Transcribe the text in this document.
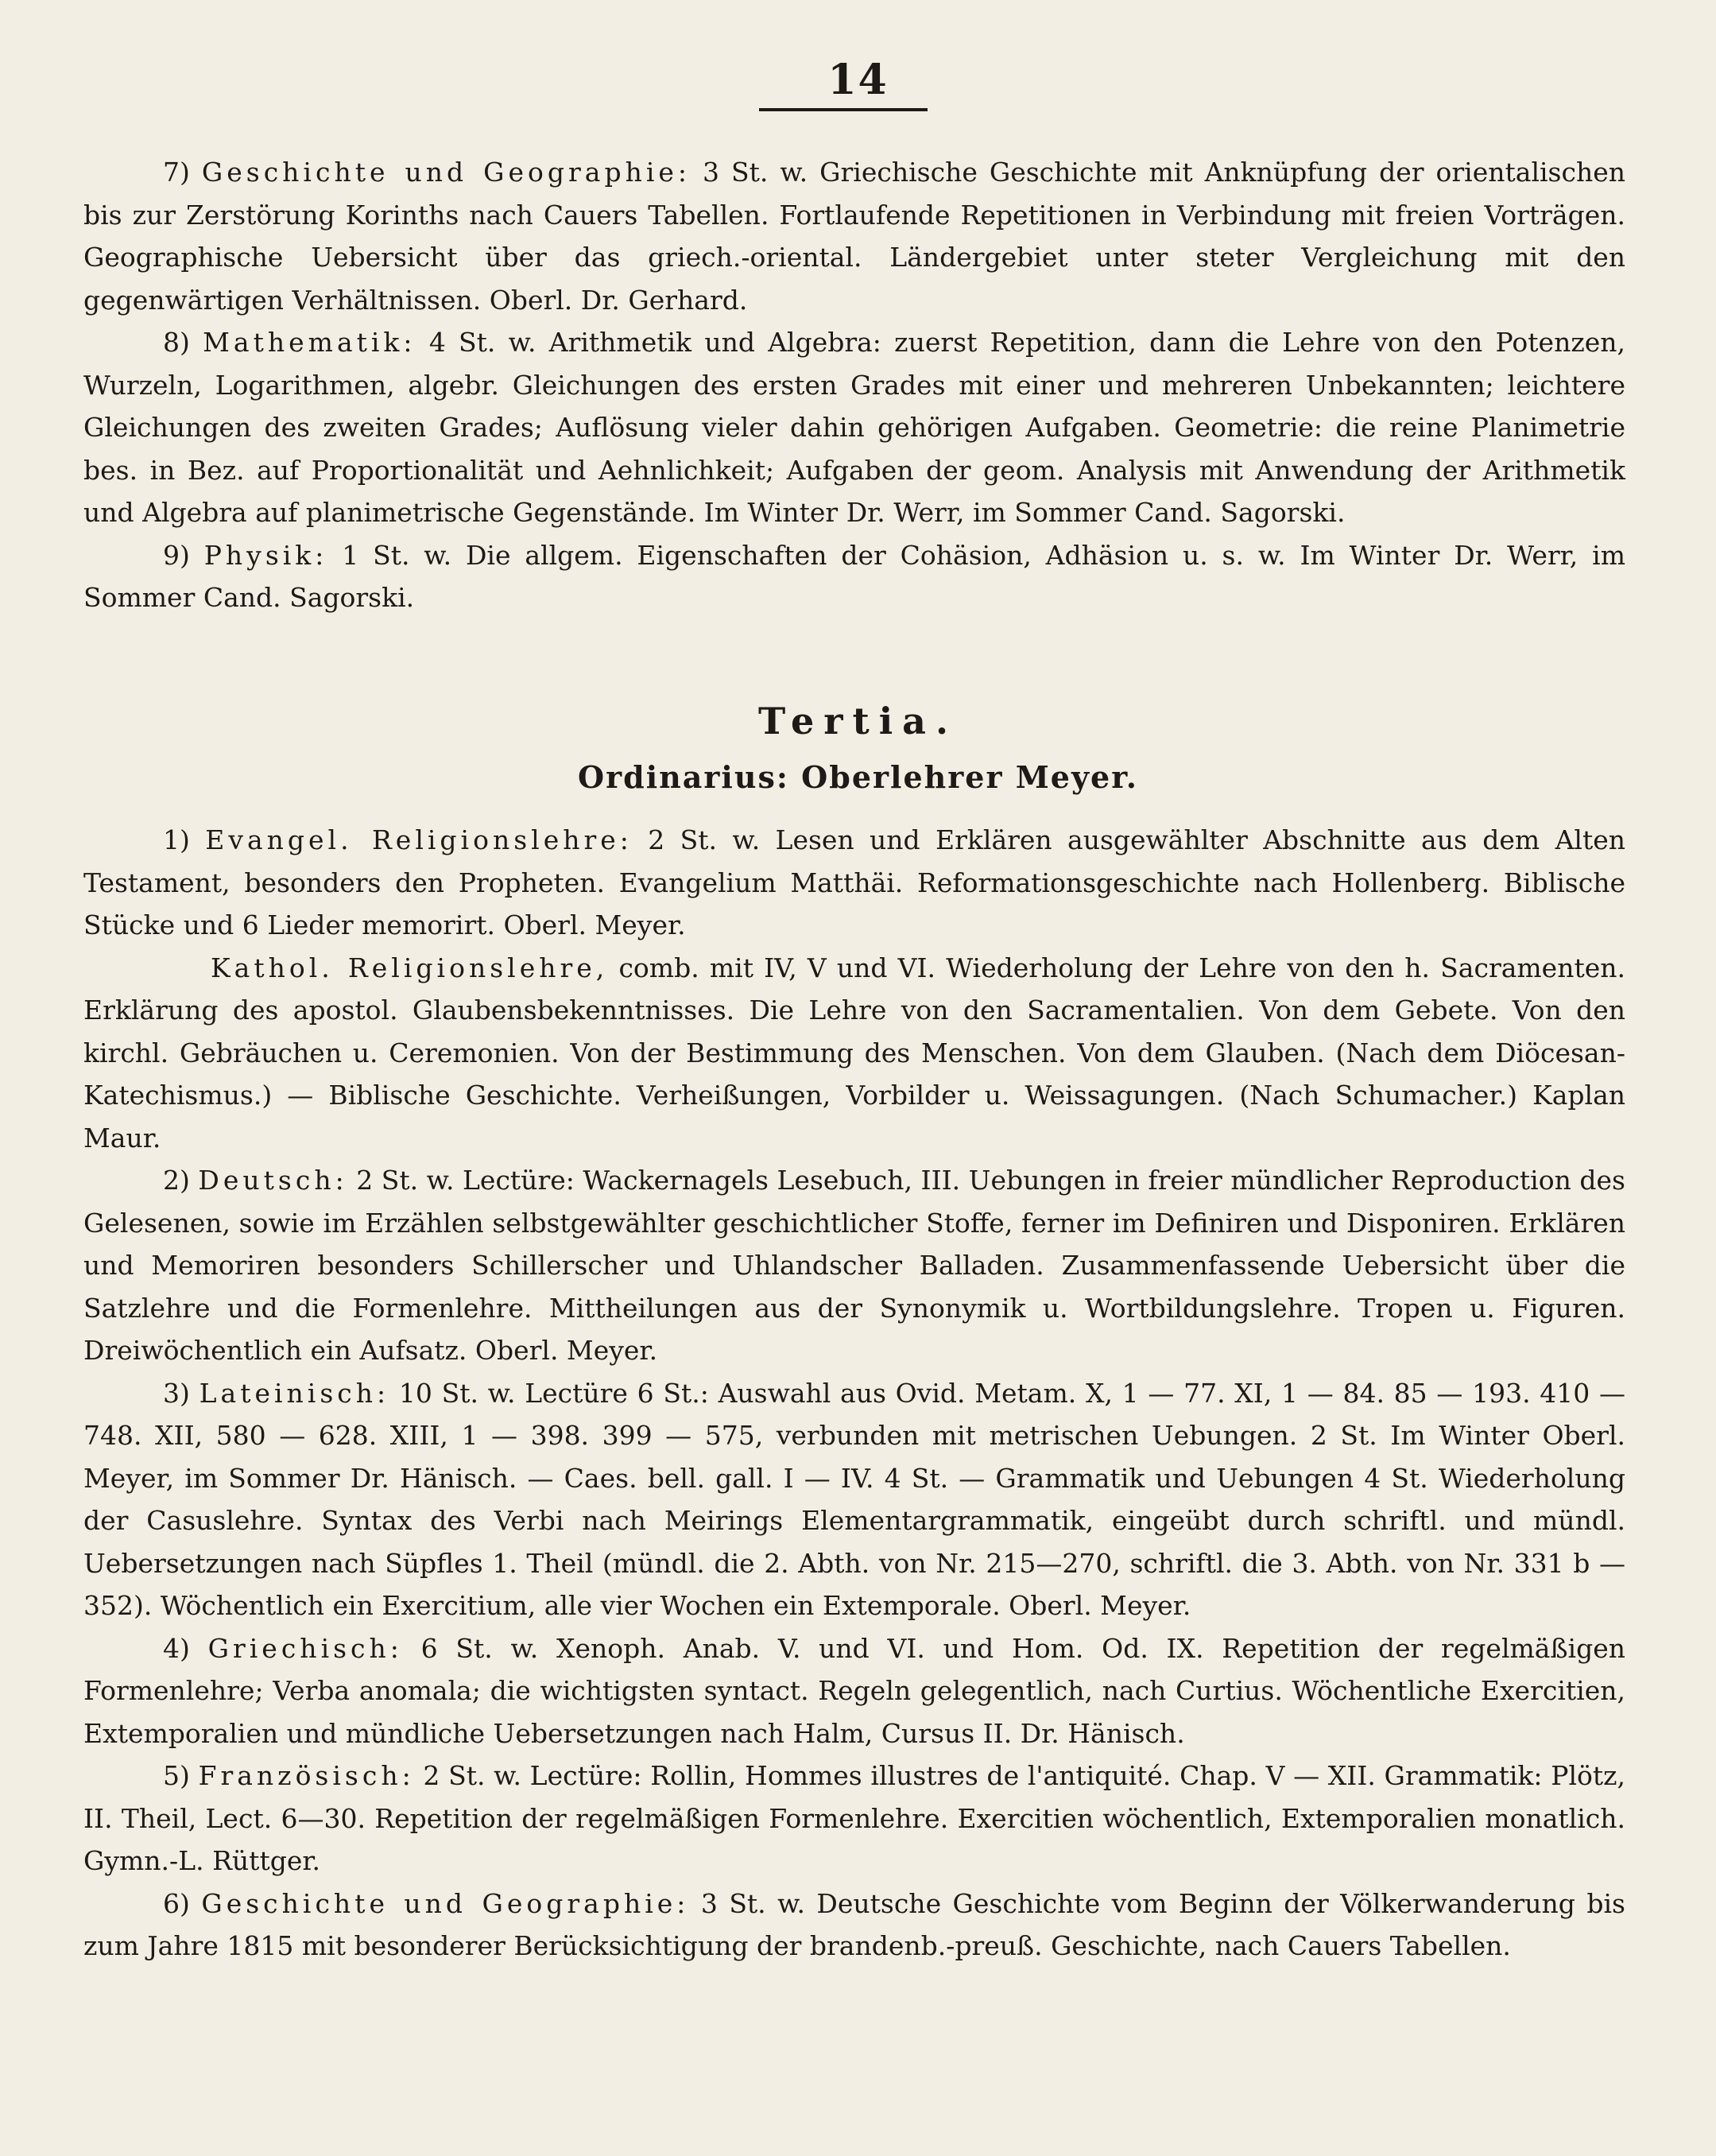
14

7) Geschichte und Geographie: 3 St. w. Griechische Geschichte mit Anknüpfung der orientalischen bis zur Zerstörung Korinths nach Cauers Tabellen. Fortlaufende Repetitionen in Verbindung mit freien Vorträgen. Geographische Uebersicht über das griech.-oriental. Ländergebiet unter steter Vergleichung mit den gegenwärtigen Verhältnissen. Oberl. Dr. Gerhard.

8) Mathematik: 4 St. w. Arithmetik und Algebra: zuerst Repetition, dann die Lehre von den Potenzen, Wurzeln, Logarithmen, algebr. Gleichungen des ersten Grades mit einer und mehreren Unbekannten; leichtere Gleichungen des zweiten Grades; Auflösung vieler dahin gehörigen Aufgaben. Geometrie: die reine Planimetrie bes. in Bez. auf Proportionalität und Aehnlichkeit; Aufgaben der geom. Analysis mit Anwendung der Arithmetik und Algebra auf planimetrische Gegenstände. Im Winter Dr. Werr, im Sommer Cand. Sagorski.

9) Physik: 1 St. w. Die allgem. Eigenschaften der Cohäsion, Adhäsion u. s. w. Im Winter Dr. Werr, im Sommer Cand. Sagorski.

Tertia.
Ordinarius: Oberlehrer Meyer.

1) Evangel. Religionslehre: 2 St. w. Lesen und Erklären ausgewählter Abschnitte aus dem Alten Testament, besonders den Propheten. Evangelium Matthäi. Reformationsgeschichte nach Hollenberg. Biblische Stücke und 6 Lieder memorirt. Oberl. Meyer.

Kathol. Religionslehre, comb. mit IV, V und VI. Wiederholung der Lehre von den h. Sacramenten. Erklärung des apostol. Glaubensbekenntnisses. Die Lehre von den Sacramentalien. Von dem Gebete. Von den kirchl. Gebräuchen u. Ceremonien. Von der Bestimmung des Menschen. Von dem Glauben. (Nach dem Diöcesan-Katechismus.) — Biblische Geschichte. Verheißungen, Vorbilder u. Weissagungen. (Nach Schumacher.) Kaplan Maur.

2) Deutsch: 2 St. w. Lectüre: Wackernagels Lesebuch, III. Uebungen in freier mündlicher Reproduction des Gelesenen, sowie im Erzählen selbstgewählter geschichtlicher Stoffe, ferner im Definiren und Disponiren. Erklären und Memoriren besonders Schillerscher und Uhlandscher Balladen. Zusammenfassende Uebersicht über die Satzlehre und die Formenlehre. Mittheilungen aus der Synonymik u. Wortbildungslehre. Tropen u. Figuren. Dreiwöchentlich ein Aufsatz. Oberl. Meyer.

3) Lateinisch: 10 St. w. Lectüre 6 St.: Auswahl aus Ovid. Metam. X, 1 — 77. XI, 1 — 84. 85 — 193. 410 — 748. XII, 580 — 628. XIII, 1 — 398. 399 — 575, verbunden mit metrischen Uebungen. 2 St. Im Winter Oberl. Meyer, im Sommer Dr. Hänisch. — Caes. bell. gall. I — IV. 4 St. — Grammatik und Uebungen 4 St. Wiederholung der Casuslehre. Syntax des Verbi nach Meirings Elementargrammatik, eingeübt durch schriftl. und mündl. Uebersetzungen nach Süpfles 1. Theil (mündl. die 2. Abth. von Nr. 215—270, schriftl. die 3. Abth. von Nr. 331 b — 352). Wöchentlich ein Exercitium, alle vier Wochen ein Extemporale. Oberl. Meyer.

4) Griechisch: 6 St. w. Xenoph. Anab. V. und VI. und Hom. Od. IX. Repetition der regelmäßigen Formenlehre; Verba anomala; die wichtigsten syntact. Regeln gelegentlich, nach Curtius. Wöchentliche Exercitien, Extemporalien und mündliche Uebersetzungen nach Halm, Cursus II. Dr. Hänisch.

5) Französisch: 2 St. w. Lectüre: Rollin, Hommes illustres de l'antiquité. Chap. V — XII. Grammatik: Plötz, II. Theil, Lect. 6—30. Repetition der regelmäßigen Formenlehre. Exercitien wöchentlich, Extemporalien monatlich. Gymn.-L. Rüttger.

6) Geschichte und Geographie: 3 St. w. Deutsche Geschichte vom Beginn der Völkerwanderung bis zum Jahre 1815 mit besonderer Berücksichtigung der brandenb.-preuß. Geschichte, nach Cauers Tabellen.
